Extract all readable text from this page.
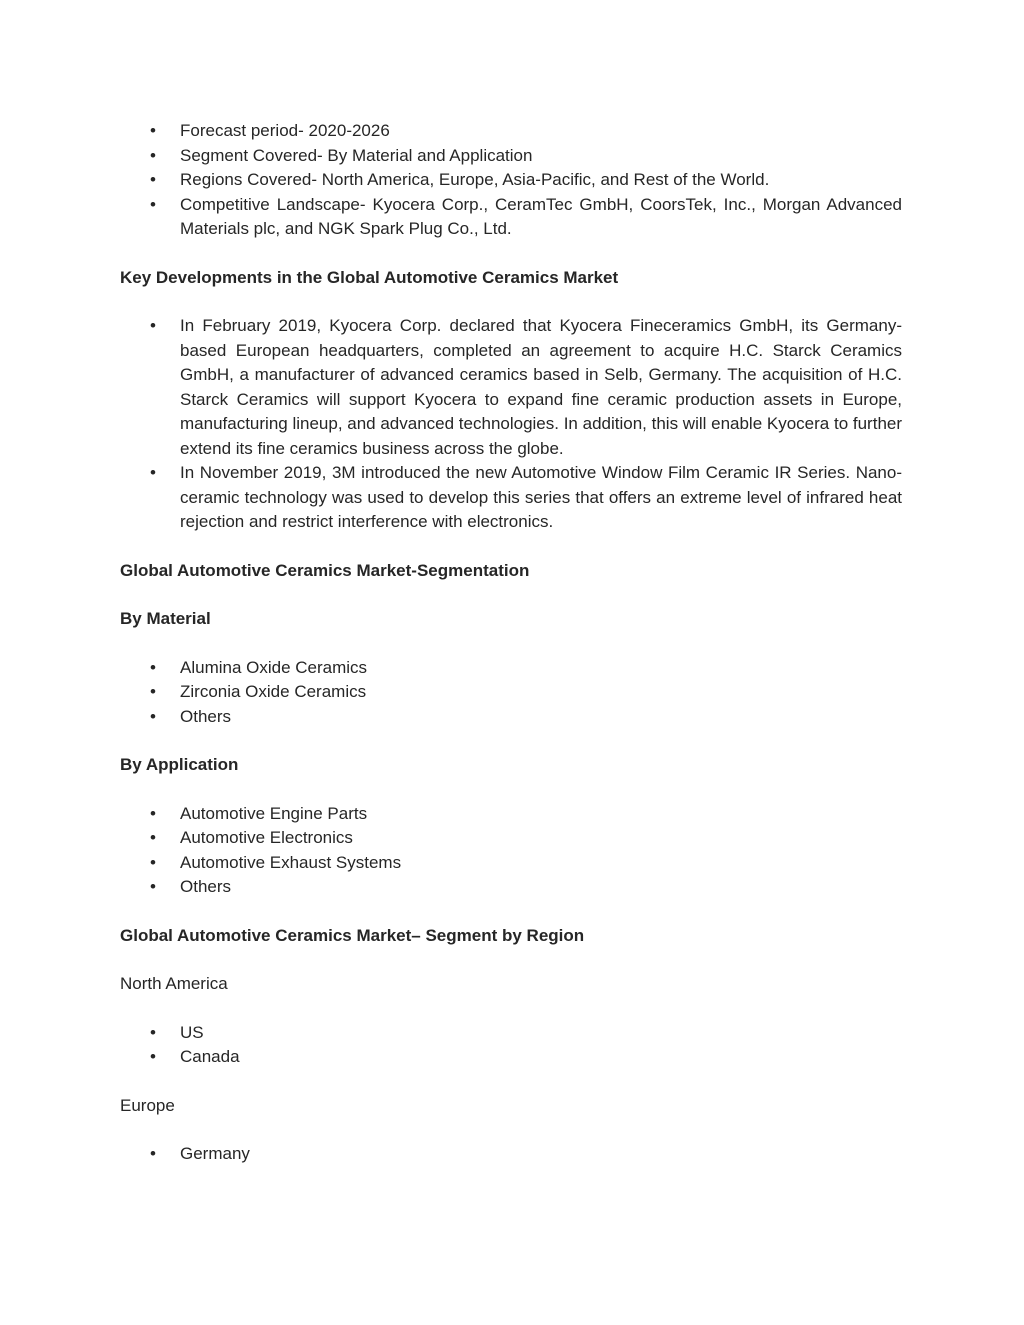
• Forecast period- 2020-2026
• Segment Covered- By Material and Application
• Regions Covered- North America, Europe, Asia-Pacific, and Rest of the World.
• Competitive Landscape- Kyocera Corp., CeramTec GmbH, CoorsTek, Inc., Morgan Advanced Materials plc, and NGK Spark Plug Co., Ltd.

Key Developments in the Global Automotive Ceramics Market

• In February 2019, Kyocera Corp. declared that Kyocera Fineceramics GmbH, its Germany-based European headquarters, completed an agreement to acquire H.C. Starck Ceramics GmbH, a manufacturer of advanced ceramics based in Selb, Germany. The acquisition of H.C. Starck Ceramics will support Kyocera to expand fine ceramic production assets in Europe, manufacturing lineup, and advanced technologies. In addition, this will enable Kyocera to further extend its fine ceramics business across the globe.
• In November 2019, 3M introduced the new Automotive Window Film Ceramic IR Series. Nano-ceramic technology was used to develop this series that offers an extreme level of infrared heat rejection and restrict interference with electronics.

Global Automotive Ceramics Market-Segmentation

By Material

• Alumina Oxide Ceramics
• Zirconia Oxide Ceramics
• Others

By Application

• Automotive Engine Parts
• Automotive Electronics
• Automotive Exhaust Systems
• Others

Global Automotive Ceramics Market– Segment by Region

North America

• US
• Canada

Europe

• Germany
